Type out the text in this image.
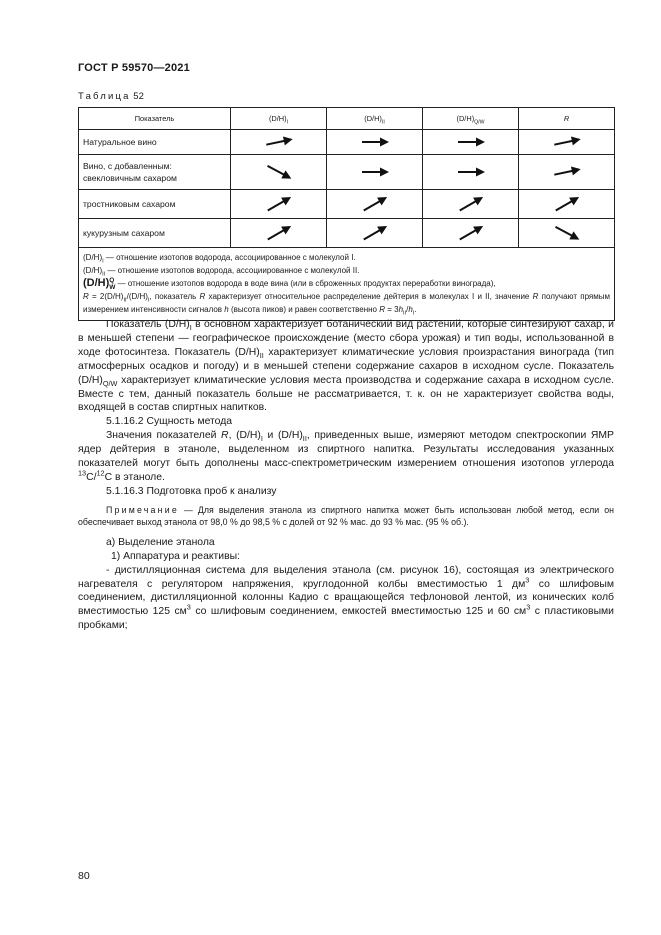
ГОСТ Р 59570—2021
Таблица 52
Показатель	$(D/H)_I$	$(D/H)_{II}$	$(D/H)_{Q/W}$	R
Натуральное вино	

Вино, с добавленным:
свекловичным сахаром	

тростниковым сахаром	

кукурузным сахаром	

$(D/H)_I$ — отношение изотопов водорода, ассоциированное с молекулой I.
$(D/H)_{II}$ — отношение изотопов водорода, ассоциированное с молекулой II.
(D/H)Q
W — отношение изотопов водорода в воде вина (или в сброженных продуктах переработки винограда),
$R = 2(D/H)_{II}/(D/H)_I$, показатель R характеризует относительное распределение дейтерия в молекулах I и II, значение R получают прямым измерением интенсивности сигналов h (высота пиков) и равен соответственно $R = 3h_{II}/h_I$.				

Показатель $(D/H)_I$ в основном характеризует ботанический вид растений, которые синтезируют сахар, и в меньшей степени — географическое происхождение (место сбора урожая) и тип воды, использованной в ходе фотосинтеза. Показатель $(D/H)_{II}$ характеризует климатические условия произрастания винограда (тип атмосферных осадков и погоду) и в меньшей степени содержание сахаров в исходном сусле. Показатель $(D/H)_{Q/W}$ характеризует климатические условия места производства и содержание сахара в исходном сусле. Вместе с тем, данный показатель больше не рассматривается, т. к. он не характеризует свойства воды, входящей в состав спиртных напитков.

5.1.16.2 Сущность метода

Значения показателей R, $(D/H)_I$ и $(D/H)_{II}$, приведенных выше, измеряют методом спектроскопии ЯМР ядер дейтерия в этаноле, выделенном из спиртного напитка. Результаты исследования указанных показателей могут быть дополнены масс-спектрометрическим измерением отношения изотопов углерода $^{13}$C/$^{12}$C в этаноле.

5.1.16.3 Подготовка проб к анализу

Примечание — Для выделения этанола из спиртного напитка может быть использован любой метод, если он обеспечивает выход этанола от 98,0 % до 98,5 % с долей от 92 % мас. до 93 % мас. (95 % об.).

а) Выделение этанола

1) Аппаратура и реактивы:

- дистилляционная система для выделения этанола (см. рисунок 16), состоящая из электрического нагревателя с регулятором напряжения, круглодонной колбы вместимостью 1 $дм^3$ со шлифовым соединением, дистилляционной колонны Кадио с вращающейся тефлоновой лентой, из конических колб вместимостью 125 $см^3$ со шлифовым соединением, емкостей вместимостью 125 и 60 $см^3$ с пластиковыми пробками;

80
